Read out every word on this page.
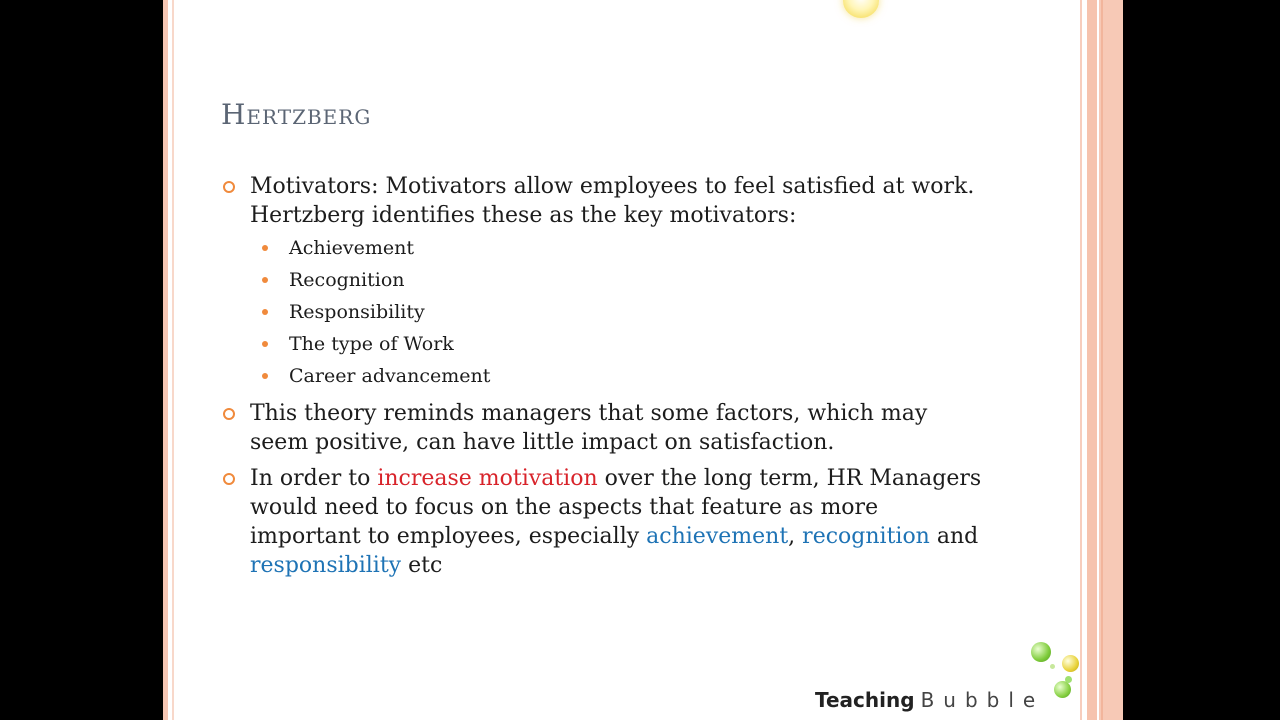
Hertzberg
Motivators: Motivators allow employees to feel satisfied at work. Hertzberg identifies these as the key motivators:
Achievement
Recognition
Responsibility
The type of Work
Career advancement
This theory reminds managers that some factors, which may seem positive, can have little impact on satisfaction.
In order to increase motivation over the long term, HR Managers would need to focus on the aspects that feature as more important to employees, especially achievement, recognition and responsibility etc
Teaching Bubble
